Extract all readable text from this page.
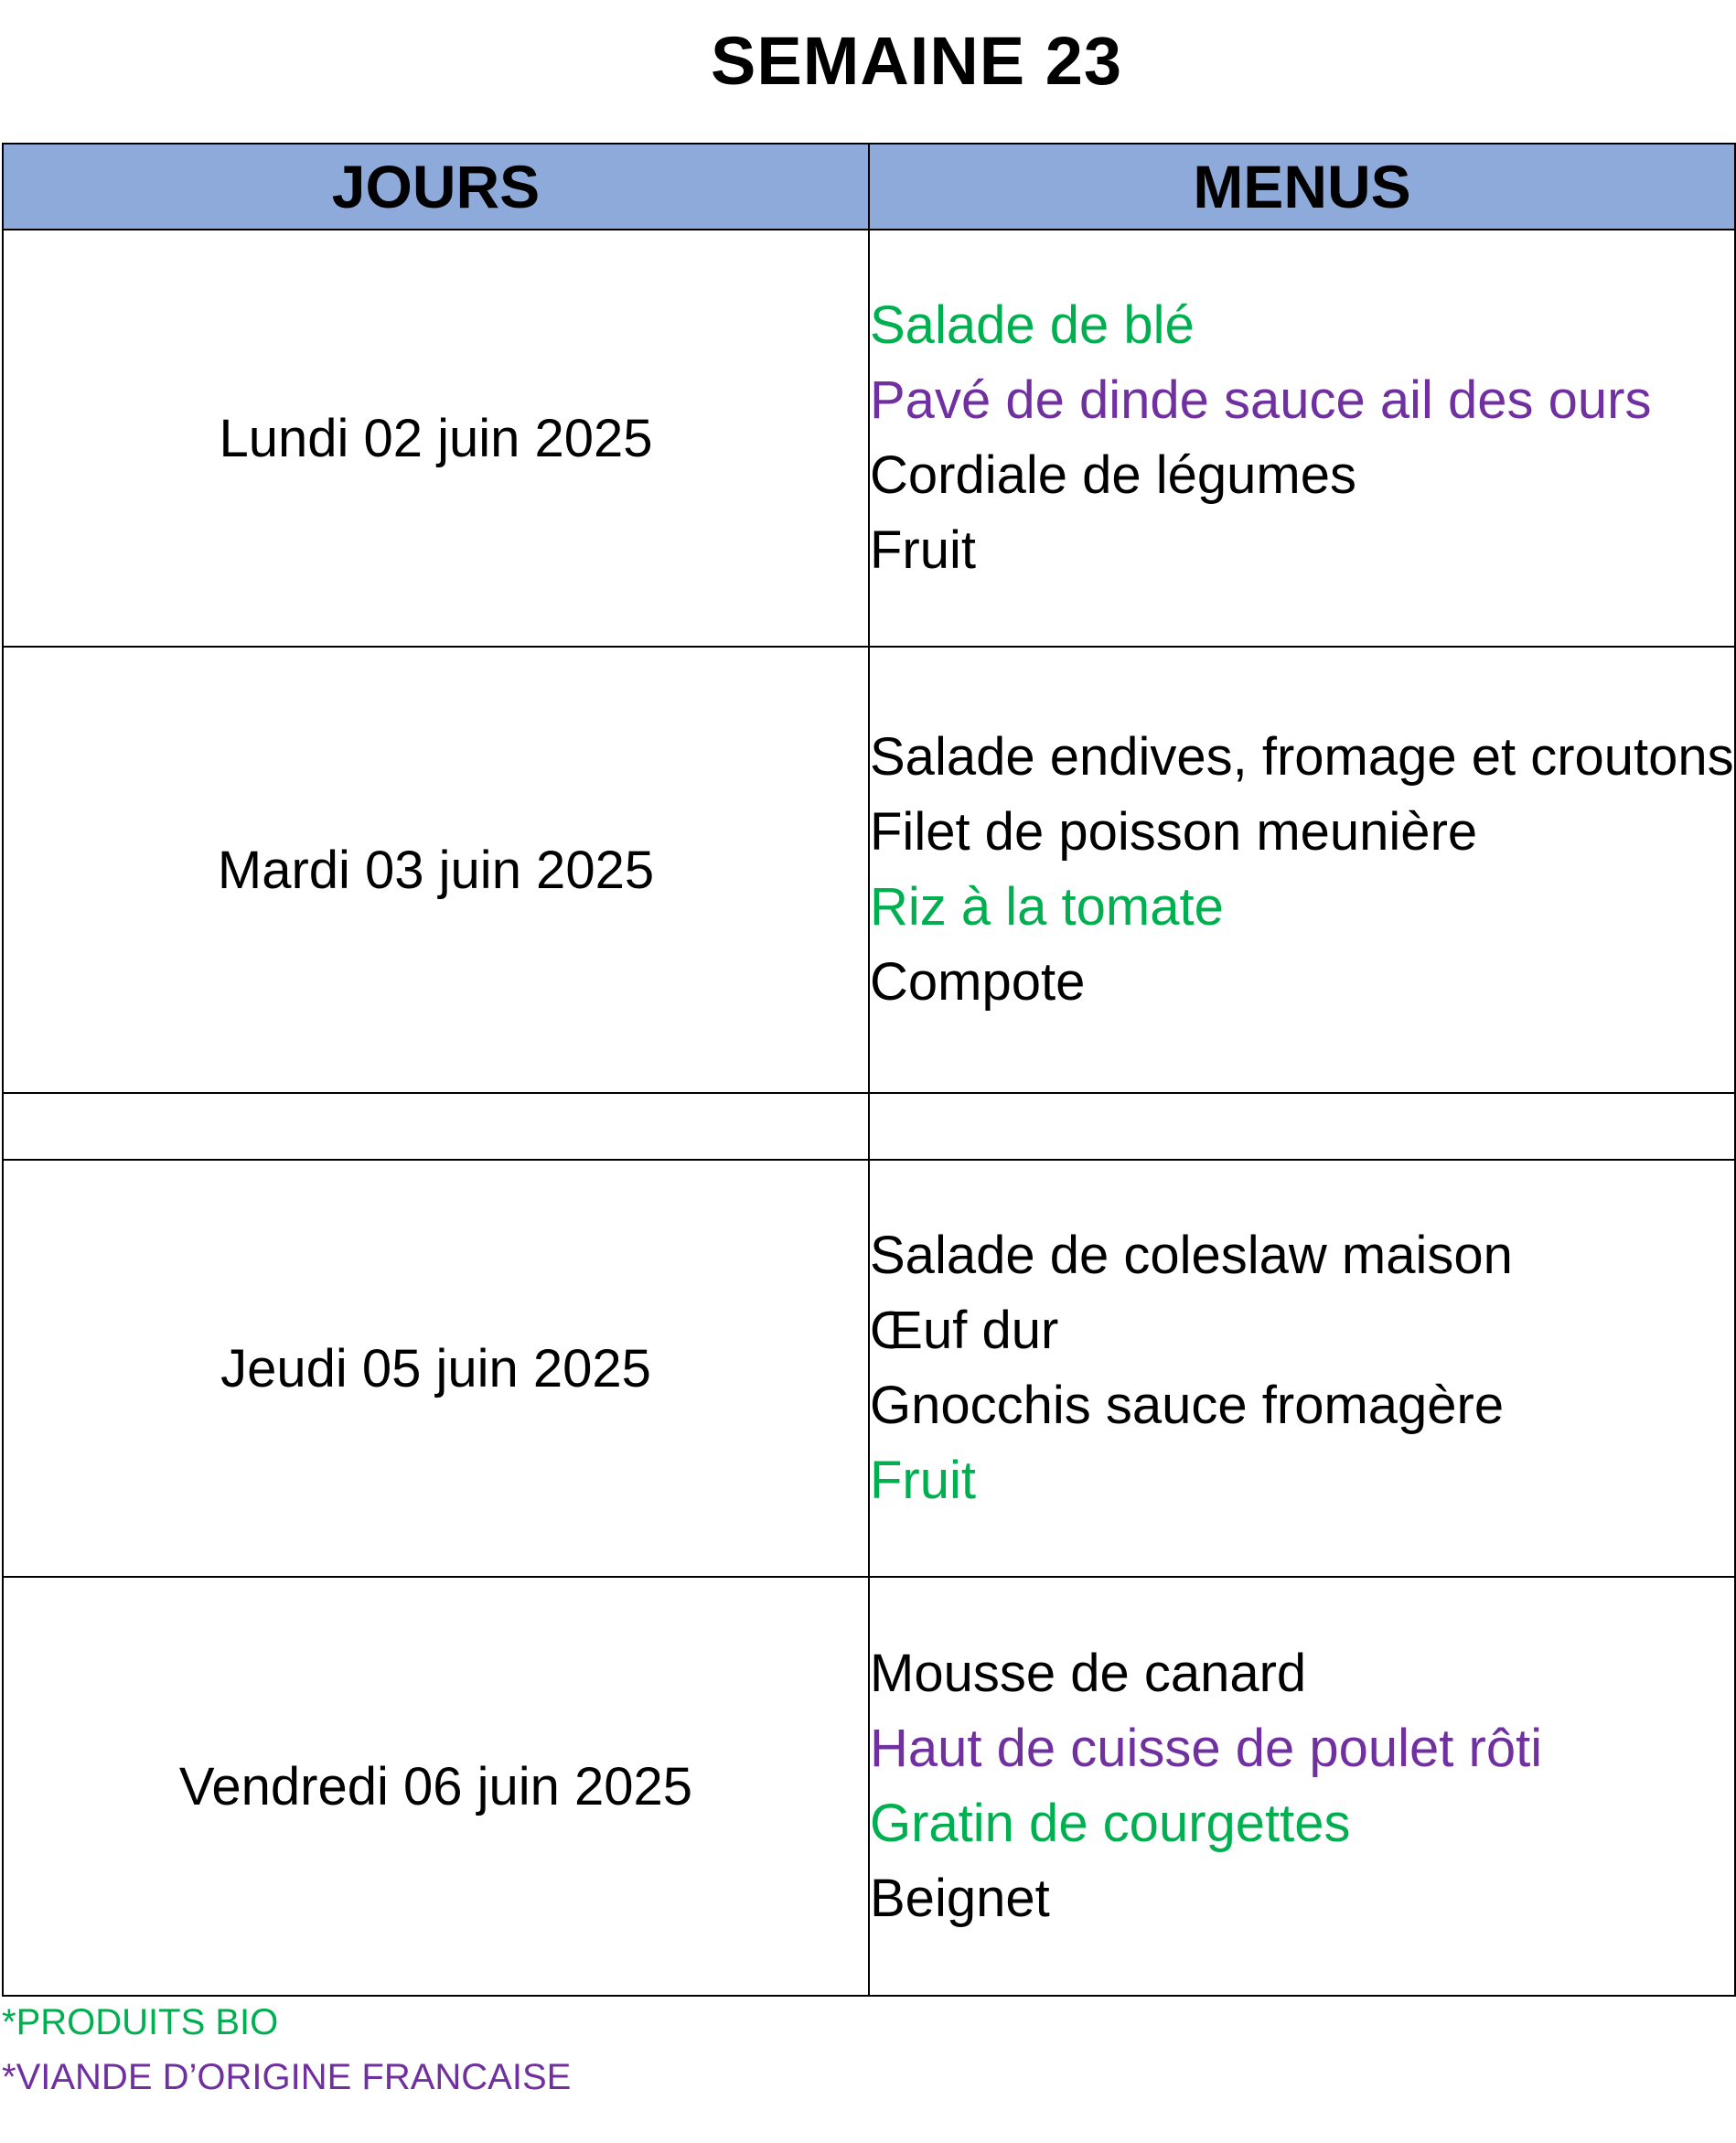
SEMAINE 23
JOURS	MENUS
Lundi 02 juin 2025	Salade de blé
Pavé de dinde sauce ail des ours
Cordiale de légumes
Fruit

Mardi 03 juin 2025	Salade endives, fromage et croutons
Filet de poisson meunière
Riz à la tomate
Compote

Jeudi 05 juin 2025	Salade de coleslaw maison
Œuf dur
Gnocchis sauce fromagère
Fruit

Vendredi 06 juin 2025	Mousse de canard
Haut de cuisse de poulet rôti
Gratin de courgettes
Beignet
*PRODUITS BIO
*VIANDE D’ORIGINE FRANCAISE
